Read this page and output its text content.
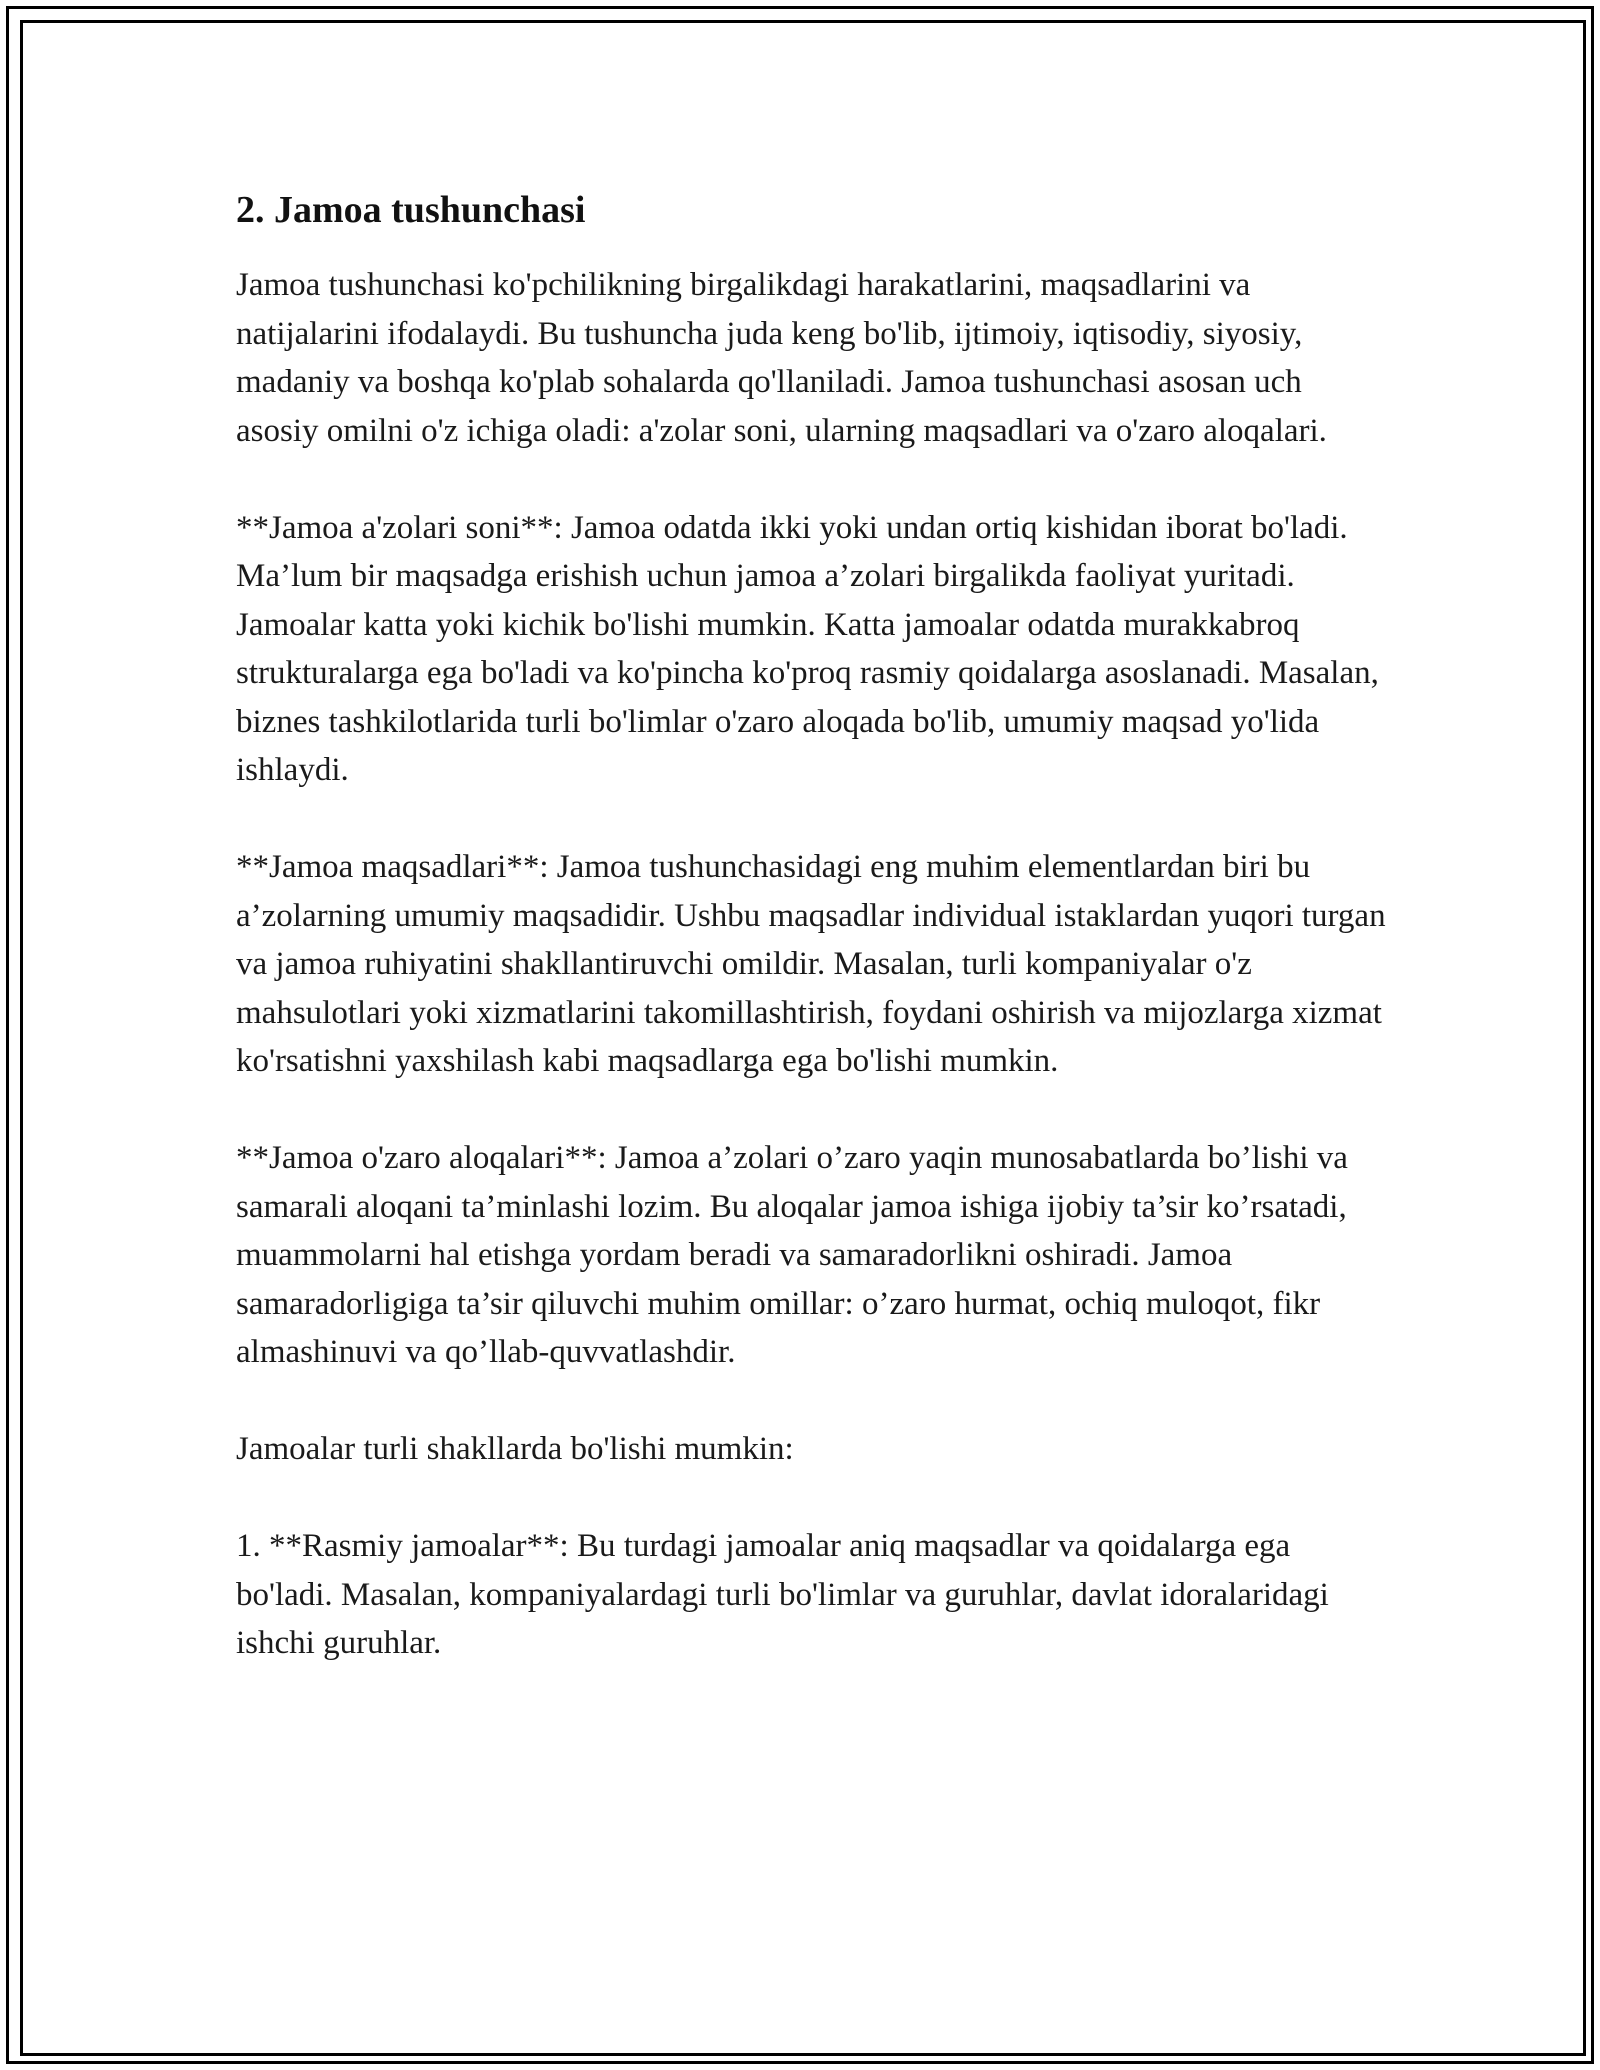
2. Jamoa tushunchasi

Jamoa tushunchasi ko'pchilikning birgalikdagi harakatlarini, maqsadlarini va natijalarini ifodalaydi. Bu tushuncha juda keng bo'lib, ijtimoiy, iqtisodiy, siyosiy, madaniy va boshqa ko'plab sohalarda qo'llaniladi. Jamoa tushunchasi asosan uch asosiy omilni o'z ichiga oladi: a'zolar soni, ularning maqsadlari va o'zaro aloqalari.

**Jamoa a'zolari soni**: Jamoa odatda ikki yoki undan ortiq kishidan iborat bo'ladi. Ma’lum bir maqsadga erishish uchun jamoa a’zolari birgalikda faoliyat yuritadi. Jamoalar katta yoki kichik bo'lishi mumkin. Katta jamoalar odatda murakkabroq strukturalarga ega bo'ladi va ko'pincha ko'proq rasmiy qoidalarga asoslanadi. Masalan, biznes tashkilotlarida turli bo'limlar o'zaro aloqada bo'lib, umumiy maqsad yo'lida ishlaydi.

**Jamoa maqsadlari**: Jamoa tushunchasidagi eng muhim elementlardan biri bu a’zolarning umumiy maqsadidir. Ushbu maqsadlar individual istaklardan yuqori turgan va jamoa ruhiyatini shakllantiruvchi omildir. Masalan, turli kompaniyalar o'z mahsulotlari yoki xizmatlarini takomillashtirish, foydani oshirish va mijozlarga xizmat ko'rsatishni yaxshilash kabi maqsadlarga ega bo'lishi mumkin.

**Jamoa o'zaro aloqalari**: Jamoa a’zolari o’zaro yaqin munosabatlarda bo’lishi va samarali aloqani ta’minlashi lozim. Bu aloqalar jamoa ishiga ijobiy ta’sir ko’rsatadi, muammolarni hal etishga yordam beradi va samaradorlikni oshiradi. Jamoa samaradorligiga ta’sir qiluvchi muhim omillar: o’zaro hurmat, ochiq muloqot, fikr almashinuvi va qo’llab-quvvatlashdir.

Jamoalar turli shakllarda bo'lishi mumkin:

1. **Rasmiy jamoalar**: Bu turdagi jamoalar aniq maqsadlar va qoidalarga ega bo'ladi. Masalan, kompaniyalardagi turli bo'limlar va guruhlar, davlat idoralaridagi ishchi guruhlar.
